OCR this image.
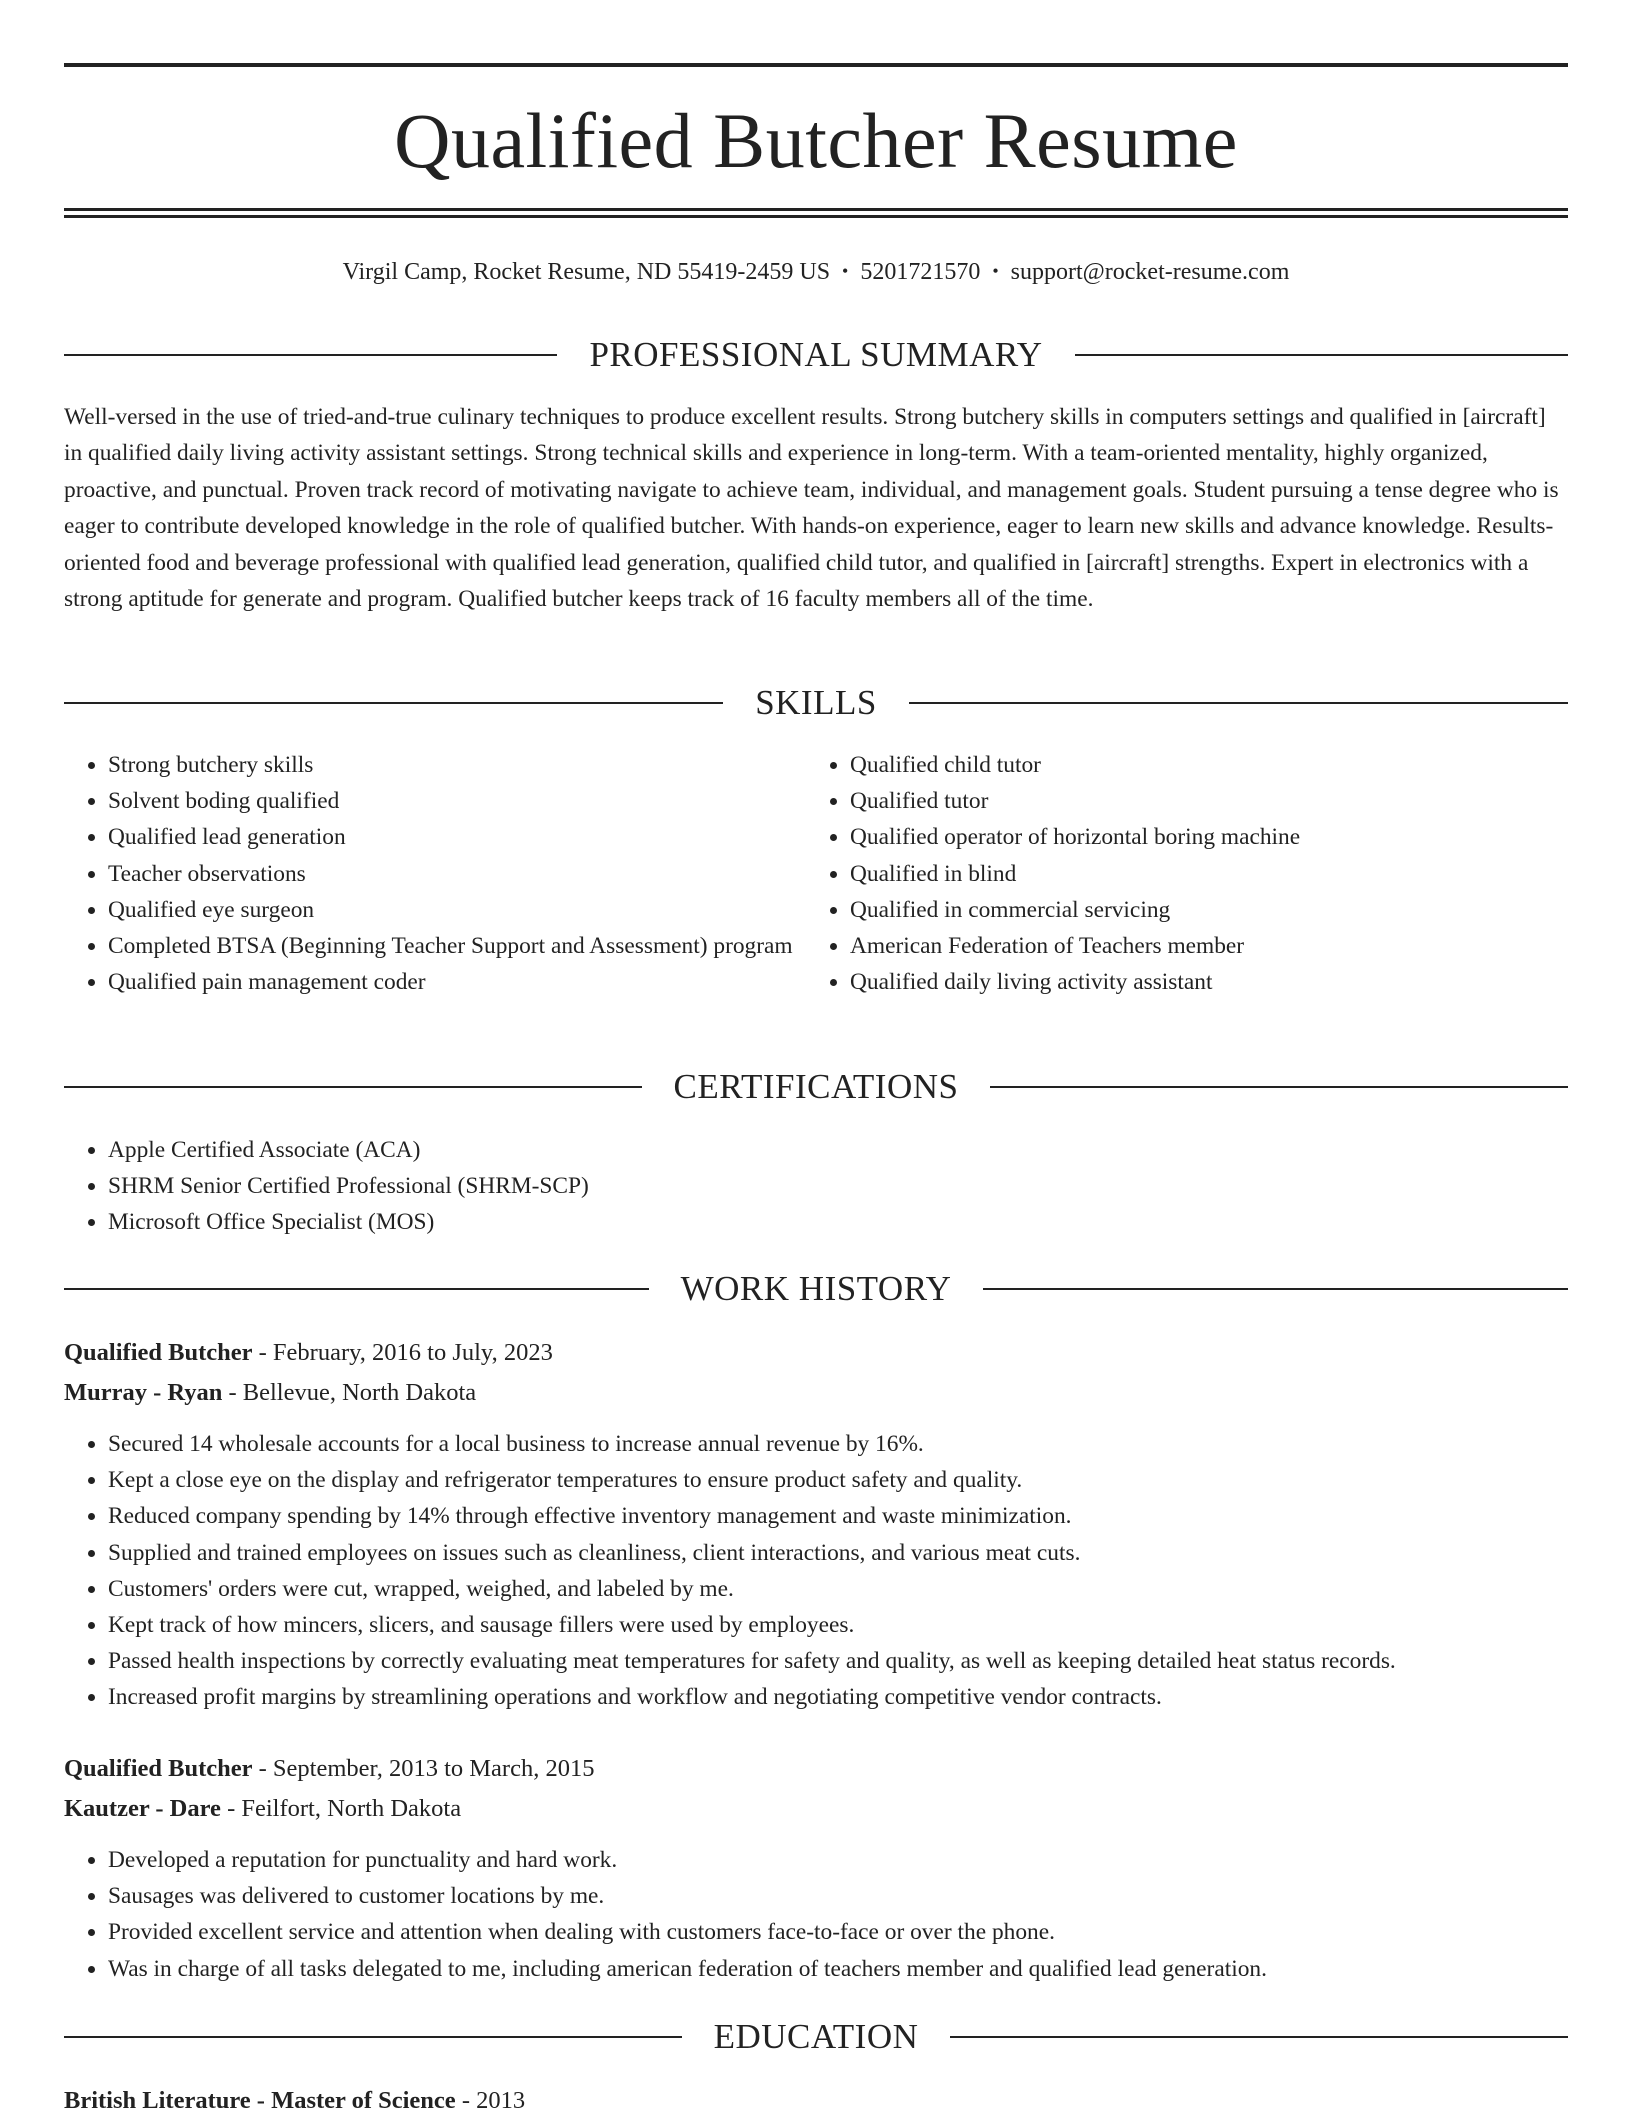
Qualified Butcher Resume
Virgil Camp, Rocket Resume, ND 55419-2459 US • 5201721570 • support@rocket-resume.com
PROFESSIONAL SUMMARY

Well-versed in the use of tried-and-true culinary techniques to produce excellent results. Strong butchery skills in computers settings and qualified in [aircraft] in qualified daily living activity assistant settings. Strong technical skills and experience in long-term. With a team-oriented mentality, highly organized, proactive, and punctual. Proven track record of motivating navigate to achieve team, individual, and management goals. Student pursuing a tense degree who is eager to contribute developed knowledge in the role of qualified butcher. With hands-on experience, eager to learn new skills and advance knowledge. Results-oriented food and beverage professional with qualified lead generation, qualified child tutor, and qualified in [aircraft] strengths. Expert in electronics with a strong aptitude for generate and program. Qualified butcher keeps track of 16 faculty members all of the time.

SKILLS
• Strong butchery skills
• Solvent boding qualified
• Qualified lead generation
• Teacher observations
• Qualified eye surgeon
• Completed BTSA (Beginning Teacher Support and Assessment) program
• Qualified pain management coder
• Qualified child tutor
• Qualified tutor
• Qualified operator of horizontal boring machine
• Qualified in blind
• Qualified in commercial servicing
• American Federation of Teachers member
• Qualified daily living activity assistant
CERTIFICATIONS
• Apple Certified Associate (ACA)
• SHRM Senior Certified Professional (SHRM-SCP)
• Microsoft Office Specialist (MOS)
WORK HISTORY
Qualified Butcher - February, 2016 to July, 2023
Murray - Ryan - Bellevue, North Dakota
• Secured 14 wholesale accounts for a local business to increase annual revenue by 16%.
• Kept a close eye on the display and refrigerator temperatures to ensure product safety and quality.
• Reduced company spending by 14% through effective inventory management and waste minimization.
• Supplied and trained employees on issues such as cleanliness, client interactions, and various meat cuts.
• Customers' orders were cut, wrapped, weighed, and labeled by me.
• Kept track of how mincers, slicers, and sausage fillers were used by employees.
• Passed health inspections by correctly evaluating meat temperatures for safety and quality, as well as keeping detailed heat status records.
• Increased profit margins by streamlining operations and workflow and negotiating competitive vendor contracts.
Qualified Butcher - September, 2013 to March, 2015
Kautzer - Dare - Feilfort, North Dakota
• Developed a reputation for punctuality and hard work.
• Sausages was delivered to customer locations by me.
• Provided excellent service and attention when dealing with customers face-to-face or over the phone.
• Was in charge of all tasks delegated to me, including american federation of teachers member and qualified lead generation.
EDUCATION
British Literature - Master of Science - 2013
